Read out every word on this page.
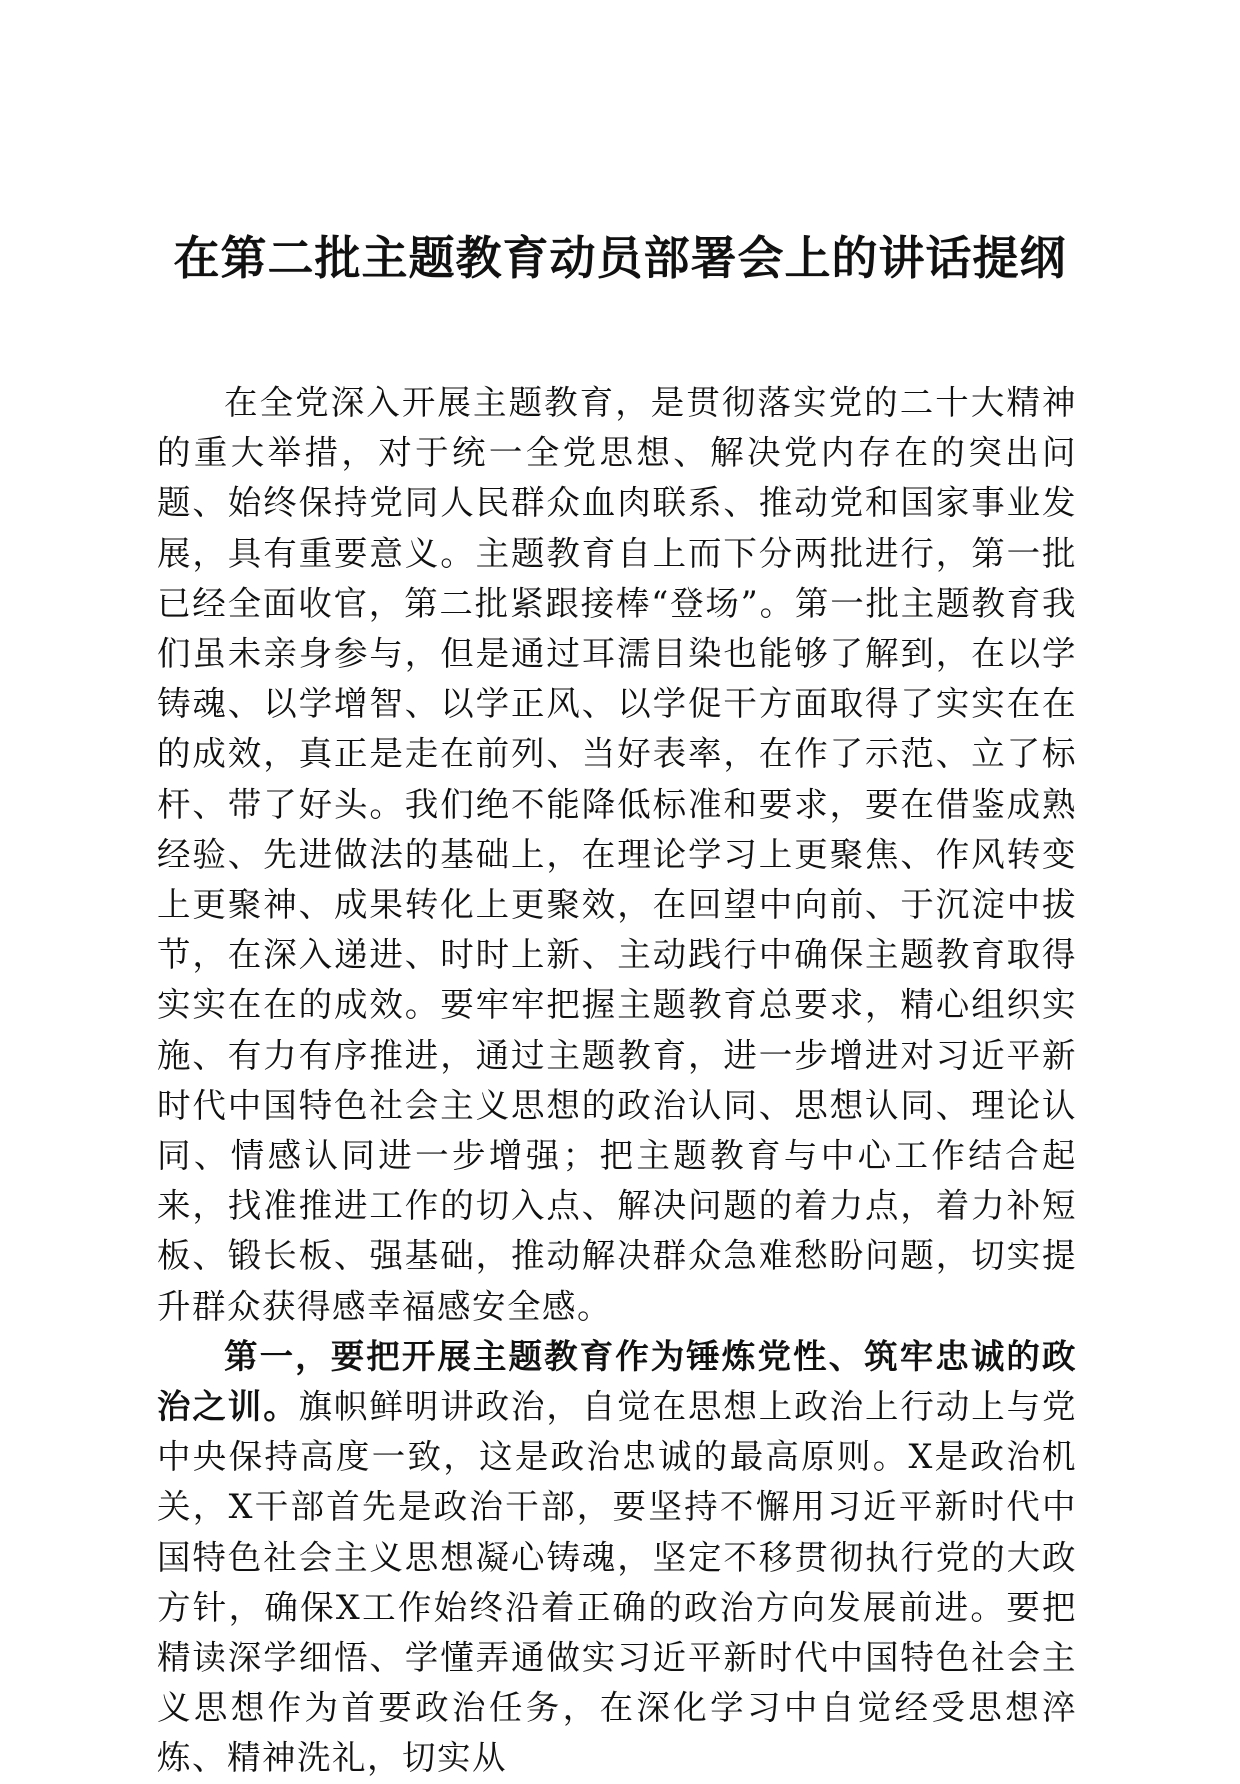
在第二批主题教育动员部署会上的讲话提纲

在全党深入开展主题教育，是贯彻落实党的二十大精神的重大举措，对于统一全党思想、解决党内存在的突出问题、始终保持党同人民群众血肉联系、推动党和国家事业发展，具有重要意义。主题教育自上而下分两批进行，第一批已经全面收官，第二批紧跟接棒“登场”。第一批主题教育我们虽未亲身参与，但是通过耳濡目染也能够了解到，在以学铸魂、以学增智、以学正风、以学促干方面取得了实实在在的成效，真正是走在前列、当好表率，在作了示范、立了标杆、带了好头。我们绝不能降低标准和要求，要在借鉴成熟经验、先进做法的基础上，在理论学习上更聚焦、作风转变上更聚神、成果转化上更聚效，在回望中向前、于沉淀中拔节，在深入递进、时时上新、主动践行中确保主题教育取得实实在在的成效。要牢牢把握主题教育总要求，精心组织实施、有力有序推进，通过主题教育，进一步增进对习近平新时代中国特色社会主义思想的政治认同、思想认同、理论认同、情感认同进一步增强；把主题教育与中心工作结合起来，找准推进工作的切入点、解决问题的着力点，着力补短板、锻长板、强基础，推动解决群众急难愁盼问题，切实提升群众获得感幸福感安全感。

第一，要把开展主题教育作为锤炼党性、筑牢忠诚的政治之训。旗帜鲜明讲政治，自觉在思想上政治上行动上与党中央保持高度一致，这是政治忠诚的最高原则。X是政治机关，X干部首先是政治干部，要坚持不懈用习近平新时代中国特色社会主义思想凝心铸魂，坚定不移贯彻执行党的大政方针，确保X工作始终沿着正确的政治方向发展前进。要把精读深学细悟、学懂弄通做实习近平新时代中国特色社会主义思想作为首要政治任务，在深化学习中自觉经受思想淬炼、精神洗礼，切实从
